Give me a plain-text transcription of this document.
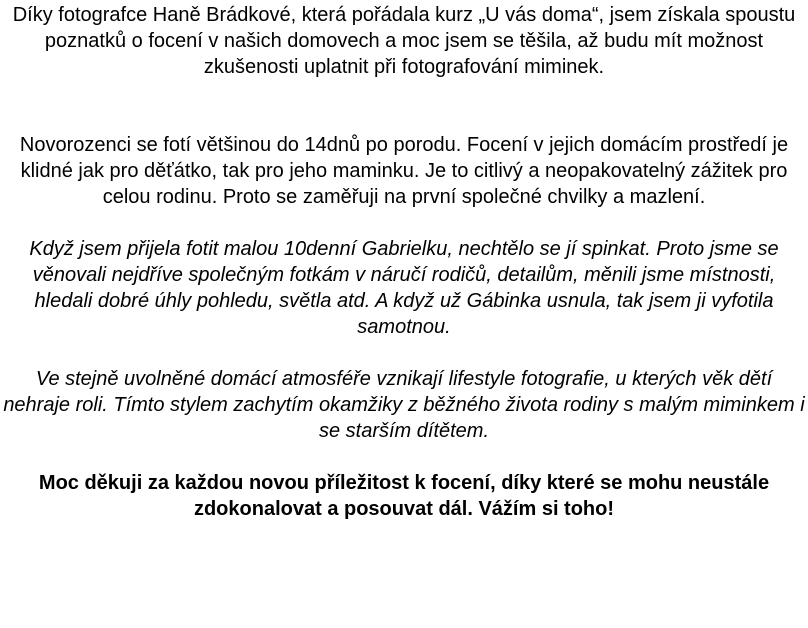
Díky fotografce Haně Brádkové, která pořádala kurz „U vás doma“, jsem získala spoustu poznatků o focení v našich domovech a moc jsem se těšila, až budu mít možnost zkušenosti uplatnit při fotografování miminek.

Novorozenci se fotí většinou do 14dnů po porodu. Focení v jejich domácím prostředí je klidné jak pro děťátko, tak pro jeho maminku. Je to citlivý a neopakovatelný zážitek pro celou rodinu. Proto se zaměřuji na první společné chvilky a mazlení.

Když jsem přijela fotit malou 10denní Gabrielku, nechtělo se jí spinkat. Proto jsme se věnovali nejdříve společným fotkám v náručí rodičů, detailům, měnili jsme místnosti, hledali dobré úhly pohledu, světla atd. A když už Gábinka usnula, tak jsem ji vyfotila samotnou.

Ve stejně uvolněné domácí atmosféře vznikají lifestyle fotografie, u kterých věk dětí nehraje roli. Tímto stylem zachytím okamžiky z běžného života rodiny s malým miminkem i se starším dítětem.

Moc děkuji za každou novou příležitost k focení, díky které se mohu neustále zdokonalovat a posouvat dál. Vážím si toho!
